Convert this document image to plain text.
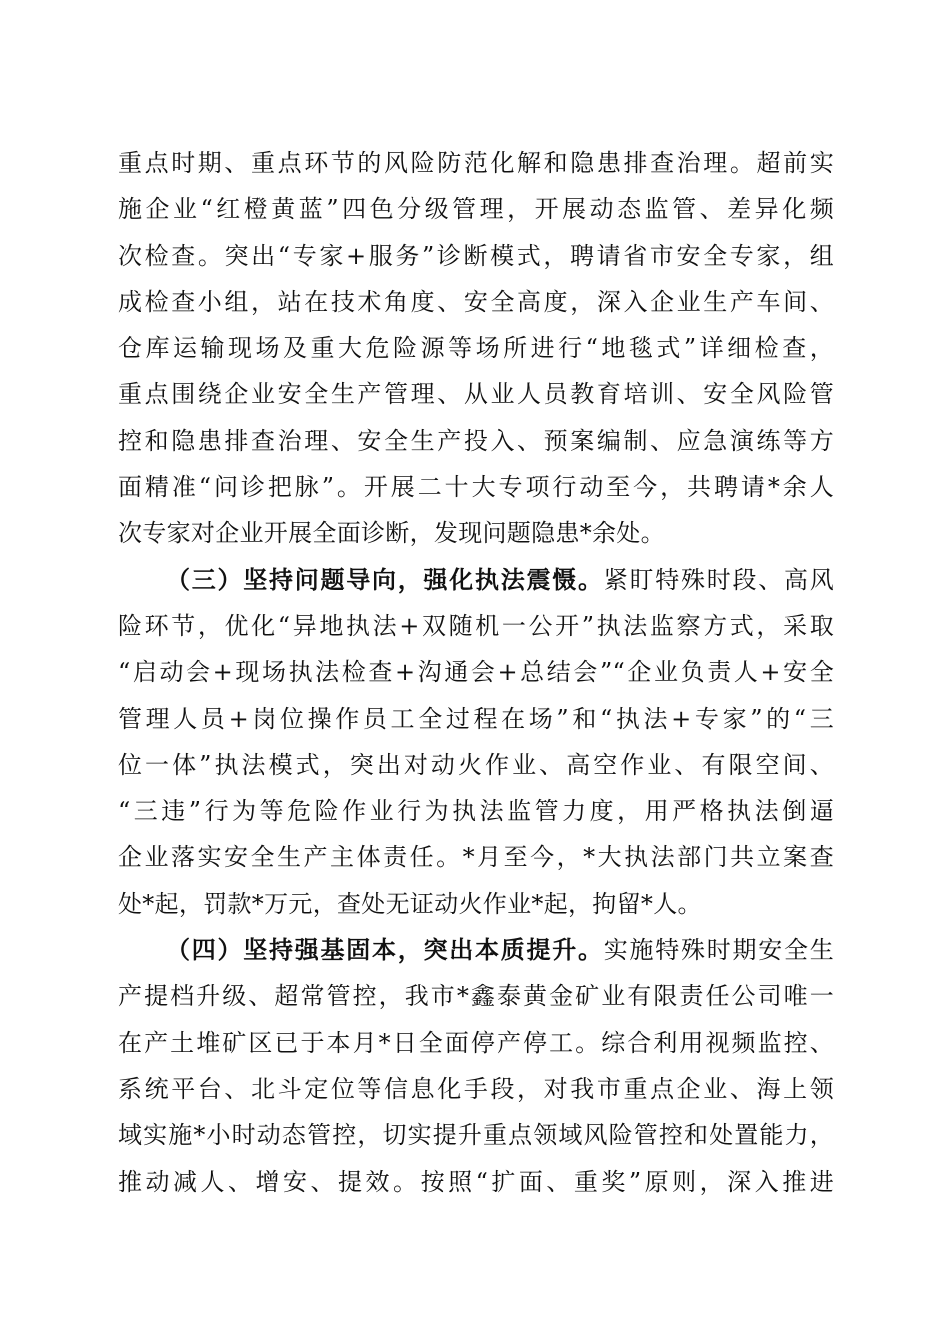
重点时期、重点环节的风险防范化解和隐患排查治理。超前实
施企业“红橙黄蓝”四色分级管理，开展动态监管、差异化频
次检查。突出“专家+服务”诊断模式，聘请省市安全专家，组
成检查小组，站在技术角度、安全高度，深入企业生产车间、
仓库运输现场及重大危险源等场所进行“地毯式”详细检查，
重点围绕企业安全生产管理、从业人员教育培训、安全风险管
控和隐患排查治理、安全生产投入、预案编制、应急演练等方
面精准“问诊把脉”。开展二十大专项行动至今，共聘请*余人
次专家对企业开展全面诊断，发现问题隐患*余处。
（三）坚持问题导向，强化执法震慑。紧盯特殊时段、高风
险环节，优化“异地执法+双随机一公开”执法监察方式，采取
“启动会+现场执法检查+沟通会+总结会”“企业负责人+安全
管理人员+岗位操作员工全过程在场”和“执法+专家”的“三
位一体”执法模式，突出对动火作业、高空作业、有限空间、
“三违”行为等危险作业行为执法监管力度，用严格执法倒逼
企业落实安全生产主体责任。*月至今，*大执法部门共立案查
处*起，罚款*万元，查处无证动火作业*起，拘留*人。
（四）坚持强基固本，突出本质提升。实施特殊时期安全生
产提档升级、超常管控，我市*鑫泰黄金矿业有限责任公司唯一
在产土堆矿区已于本月*日全面停产停工。综合利用视频监控、
系统平台、北斗定位等信息化手段，对我市重点企业、海上领
域实施*小时动态管控，切实提升重点领域风险管控和处置能力，
推动减人、增安、提效。按照“扩面、重奖”原则，深入推进
